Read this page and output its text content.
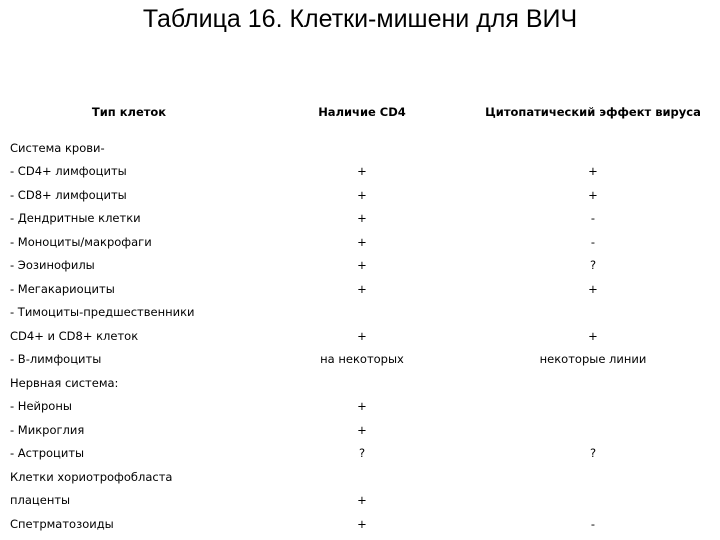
Таблица 16. Клетки-мишени для ВИЧ
Тип клеток	Наличие CD4	Цитопатический эффект вируса
Система крови-		
- CD4+ лимфоциты	+	+
- CD8+ лимфоциты	+	+
- Дендритные клетки	+	-
- Моноциты/макрофаги	+	-
- Эозинофилы	+	?
- Мегакариоциты	+	+
- Тимоциты-предшественники		
CD4+ и CD8+ клеток	+	+
- В-лимфоциты	на некоторых	некоторые линии
Нервная система:		
- Нейроны	+	
- Микроглия	+	
- Астроциты	?	?
Клетки хориотрофобласта		
плаценты	+	
Спетрматозоиды	+	-
